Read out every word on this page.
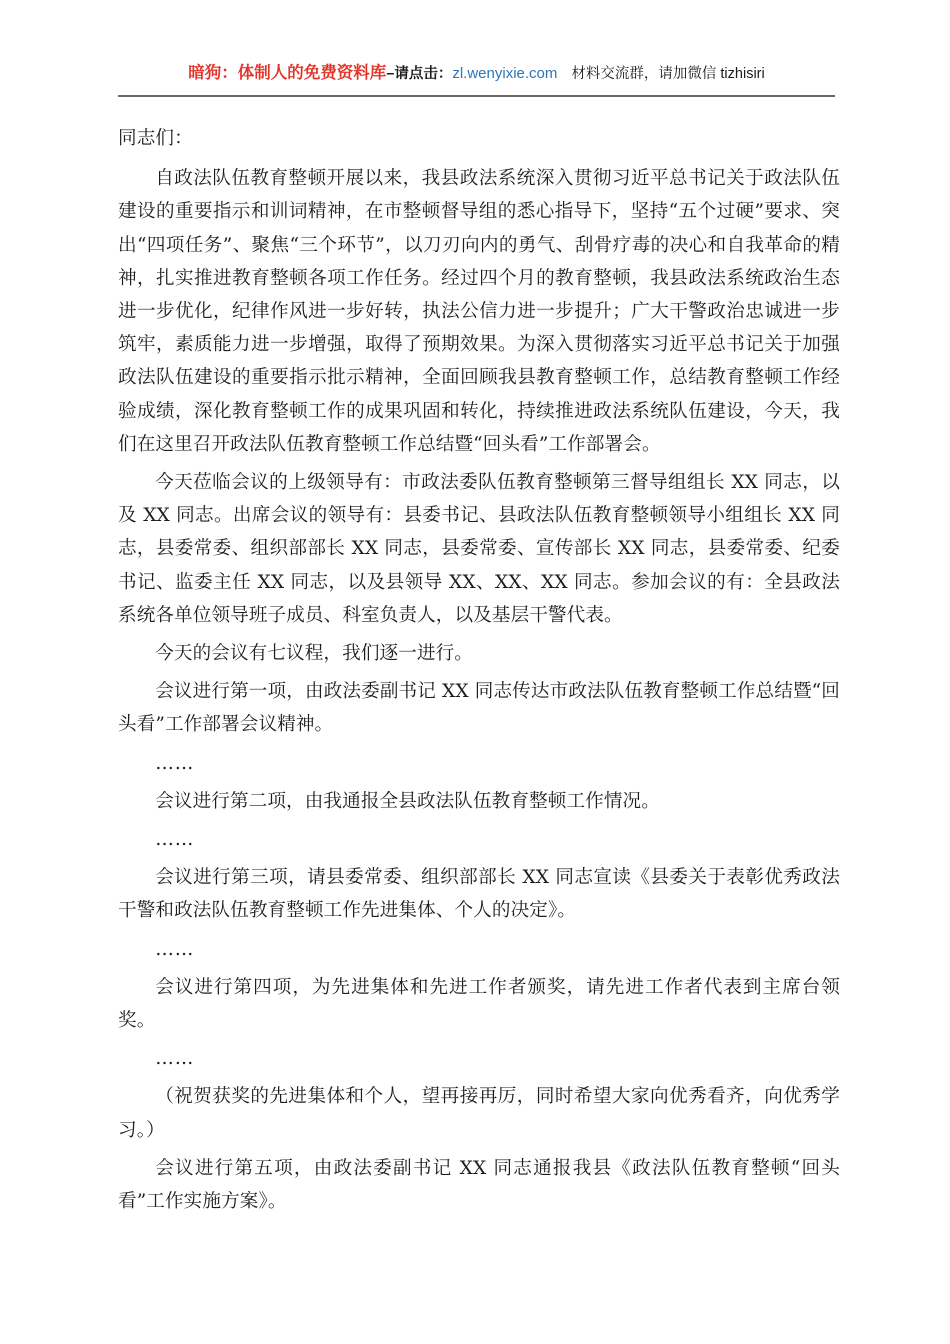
暗狗：体制人的免费资料库–请点击：zl.wenyixie.com 材料交流群，请加微信 tizhisiri

同志们：

自政法队伍教育整顿开展以来，我县政法系统深入贯彻习近平总书记关于政法队伍建设的重要指示和训词精神，在市整顿督导组的悉心指导下，坚持“五个过硬”要求、突出“四项任务”、聚焦“三个环节”，以刀刃向内的勇气、刮骨疗毒的决心和自我革命的精神，扎实推进教育整顿各项工作任务。经过四个月的教育整顿，我县政法系统政治生态进一步优化，纪律作风进一步好转，执法公信力进一步提升；广大干警政治忠诚进一步筑牢，素质能力进一步增强，取得了预期效果。为深入贯彻落实习近平总书记关于加强政法队伍建设的重要指示批示精神，全面回顾我县教育整顿工作，总结教育整顿工作经验成绩，深化教育整顿工作的成果巩固和转化，持续推进政法系统队伍建设，今天，我们在这里召开政法队伍教育整顿工作总结暨“回头看”工作部署会。

今天莅临会议的上级领导有：市政法委队伍教育整顿第三督导组组长 XX 同志，以及 XX 同志。出席会议的领导有：县委书记、县政法队伍教育整顿领导小组组长 XX 同志，县委常委、组织部部长 XX 同志，县委常委、宣传部长 XX 同志，县委常委、纪委书记、监委主任 XX 同志，以及县领导 XX、XX、XX 同志。参加会议的有：全县政法系统各单位领导班子成员、科室负责人，以及基层干警代表。

今天的会议有七议程，我们逐一进行。

会议进行第一项，由政法委副书记 XX 同志传达市政法队伍教育整顿工作总结暨“回头看”工作部署会议精神。

……

会议进行第二项，由我通报全县政法队伍教育整顿工作情况。

……

会议进行第三项，请县委常委、组织部部长 XX 同志宣读《县委关于表彰优秀政法干警和政法队伍教育整顿工作先进集体、个人的决定》。

……

会议进行第四项，为先进集体和先进工作者颁奖，请先进工作者代表到主席台领奖。

……

（祝贺获奖的先进集体和个人，望再接再厉，同时希望大家向优秀看齐，向优秀学习。）

会议进行第五项，由政法委副书记 XX 同志通报我县《政法队伍教育整顿“回头看”工作实施方案》。
